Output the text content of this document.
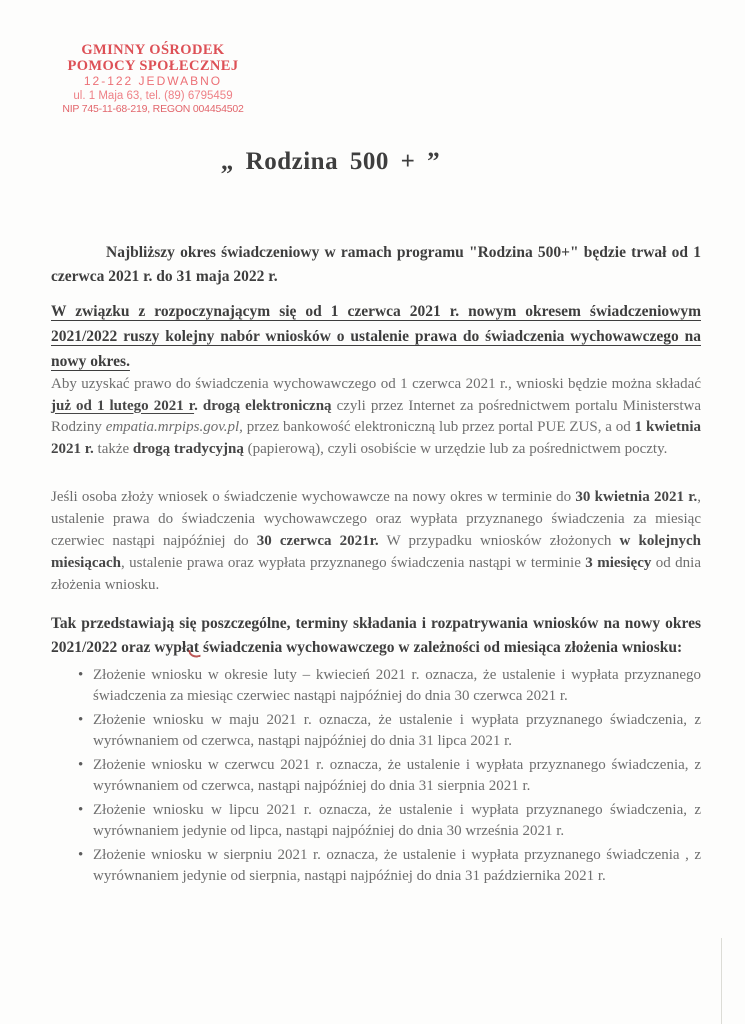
GMINNY OŚRODEK
POMOCY SPOŁECZNEJ
12-122 JEDWABNO
ul. 1 Maja 63, tel. (89) 6795459
NIP 745-11-68-219, REGON 004454502
„ Rodzina 500 + ”

Najbliższy okres świadczeniowy w ramach programu "Rodzina 500+" będzie trwał od 1 czerwca 2021 r. do 31 maja 2022 r.

W związku z rozpoczynającym się od 1 czerwca 2021 r. nowym okresem świadczeniowym 2021/2022 ruszy kolejny nabór wniosków o ustalenie prawa do świadczenia wychowawczego na nowy okres.

Aby uzyskać prawo do świadczenia wychowawczego od 1 czerwca 2021 r., wnioski będzie można składać już od 1 lutego 2021 r. drogą elektroniczną czyli przez Internet za pośrednictwem portalu Ministerstwa Rodziny empatia.mrpips.gov.pl, przez bankowość elektroniczną lub przez portal PUE ZUS, a od 1 kwietnia 2021 r. także drogą tradycyjną (papierową), czyli osobiście w urzędzie lub za pośrednictwem poczty.

Jeśli osoba złoży wniosek o świadczenie wychowawcze na nowy okres w terminie do 30 kwietnia 2021 r., ustalenie prawa do świadczenia wychowawczego oraz wypłata przyznanego świadczenia za miesiąc czerwiec nastąpi najpóźniej do 30 czerwca 2021r. W przypadku wniosków złożonych w kolejnych miesiącach, ustalenie prawa oraz wypłata przyznanego świadczenia nastąpi w terminie 3 miesięcy od dnia złożenia wniosku.

Tak przedstawiają się poszczególne, terminy składania i rozpatrywania wniosków na nowy okres 2021/2022 oraz wypłat świadczenia wychowawczego w zależności od miesiąca złożenia wniosku:

• Złożenie wniosku w okresie luty – kwiecień 2021 r. oznacza, że ustalenie i wypłata przyznanego świadczenia za miesiąc czerwiec nastąpi najpóźniej do dnia 30 czerwca 2021 r.
• Złożenie wniosku w maju 2021 r. oznacza, że ustalenie i wypłata przyznanego świadczenia, z wyrównaniem od czerwca, nastąpi najpóźniej do dnia 31 lipca 2021 r.
• Złożenie wniosku w czerwcu 2021 r. oznacza, że ustalenie i wypłata przyznanego świadczenia, z wyrównaniem od czerwca, nastąpi najpóźniej do dnia 31 sierpnia 2021 r.
• Złożenie wniosku w lipcu 2021 r. oznacza, że ustalenie i wypłata przyznanego świadczenia, z wyrównaniem jedynie od lipca, nastąpi najpóźniej do dnia 30 września 2021 r.
• Złożenie wniosku w sierpniu 2021 r. oznacza, że ustalenie i wypłata przyznanego świadczenia , z wyrównaniem jedynie od sierpnia, nastąpi najpóźniej do dnia 31 października 2021 r.
